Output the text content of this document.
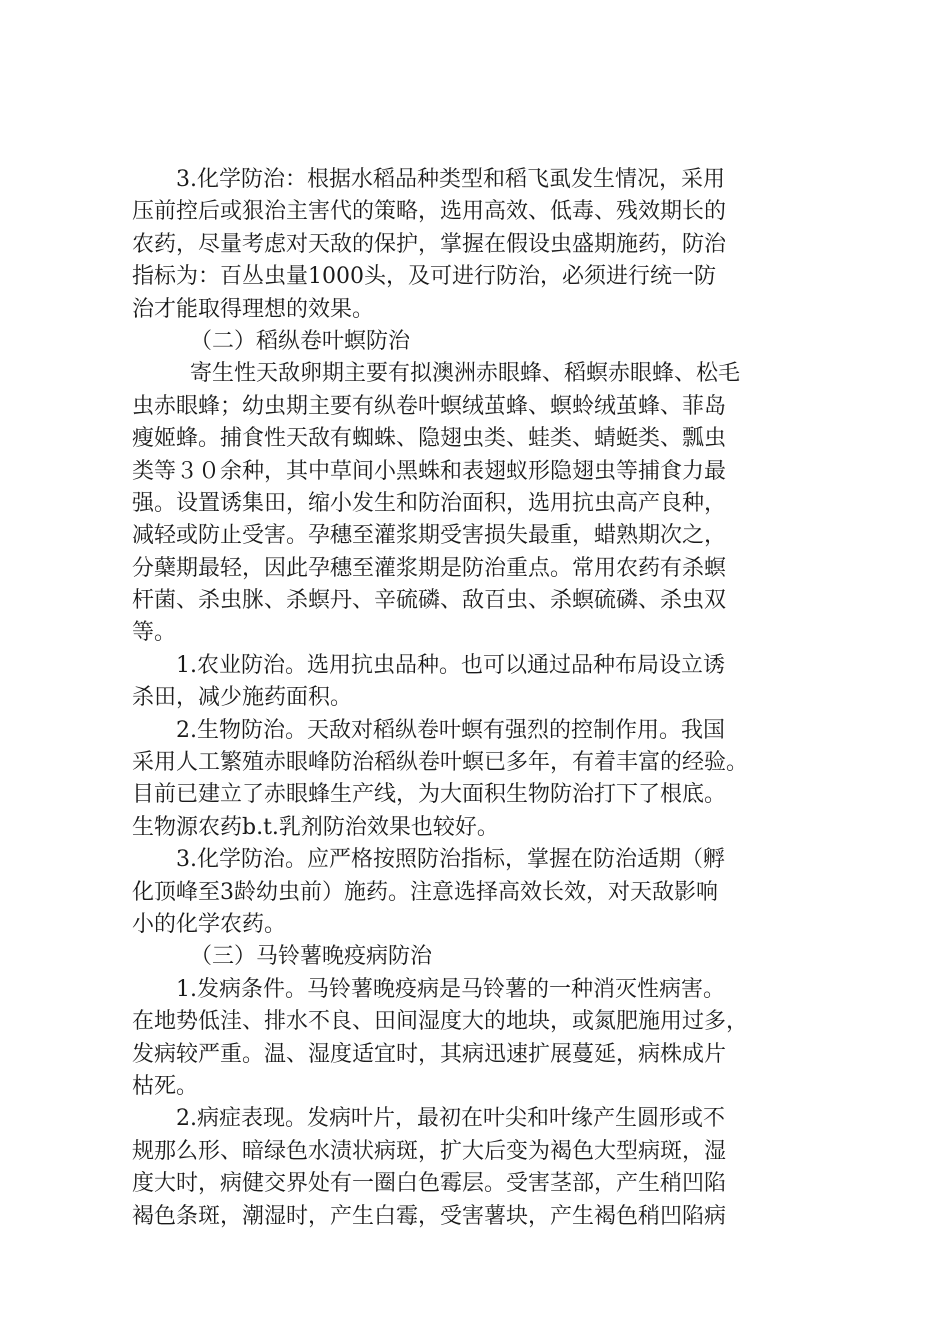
3.化学防治：根据水稻品种类型和稻飞虱发生情况，采用
压前控后或狠治主害代的策略，选用高效、低毒、残效期长的
农药，尽量考虑对天敌的保护，掌握在假设虫盛期施药，防治
指标为：百丛虫量1000头，及可进行防治，必须进行统一防
治才能取得理想的效果。
（二）稻纵卷叶螟防治
寄生性天敌卵期主要有拟澳洲赤眼蜂、稻螟赤眼蜂、松毛
虫赤眼蜂；幼虫期主要有纵卷叶螟绒茧蜂、螟蛉绒茧蜂、菲岛
瘦姬蜂。捕食性天敌有蜘蛛、隐翅虫类、蛙类、蜻蜓类、瓢虫
类等３０余种，其中草间小黑蛛和表翅蚁形隐翅虫等捕食力最
强。设置诱集田，缩小发生和防治面积，选用抗虫高产良种，
减轻或防止受害。孕穗至灌浆期受害损失最重，蜡熟期次之，
分蘖期最轻，因此孕穗至灌浆期是防治重点。常用农药有杀螟
杆菌、杀虫脒、杀螟丹、辛硫磷、敌百虫、杀螟硫磷、杀虫双
等。
1.农业防治。选用抗虫品种。也可以通过品种布局设立诱
杀田，减少施药面积。
2.生物防治。天敌对稻纵卷叶螟有强烈的控制作用。我国
采用人工繁殖赤眼峰防治稻纵卷叶螟已多年，有着丰富的经验。
目前已建立了赤眼蜂生产线，为大面积生物防治打下了根底。
生物源农药b.t.乳剂防治效果也较好。
3.化学防治。应严格按照防治指标，掌握在防治适期（孵
化顶峰至3龄幼虫前）施药。注意选择高效长效，对天敌影响
小的化学农药。
（三）马铃薯晚疫病防治
1.发病条件。马铃薯晚疫病是马铃薯的一种消灭性病害。
在地势低洼、排水不良、田间湿度大的地块，或氮肥施用过多，
发病较严重。温、湿度适宜时，其病迅速扩展蔓延，病株成片
枯死。
2.病症表现。发病叶片，最初在叶尖和叶缘产生圆形或不
规那么形、暗绿色水渍状病斑，扩大后变为褐色大型病斑，湿
度大时，病健交界处有一圈白色霉层。受害茎部，产生稍凹陷
褐色条斑，潮湿时，产生白霉，受害薯块，产生褐色稍凹陷病
